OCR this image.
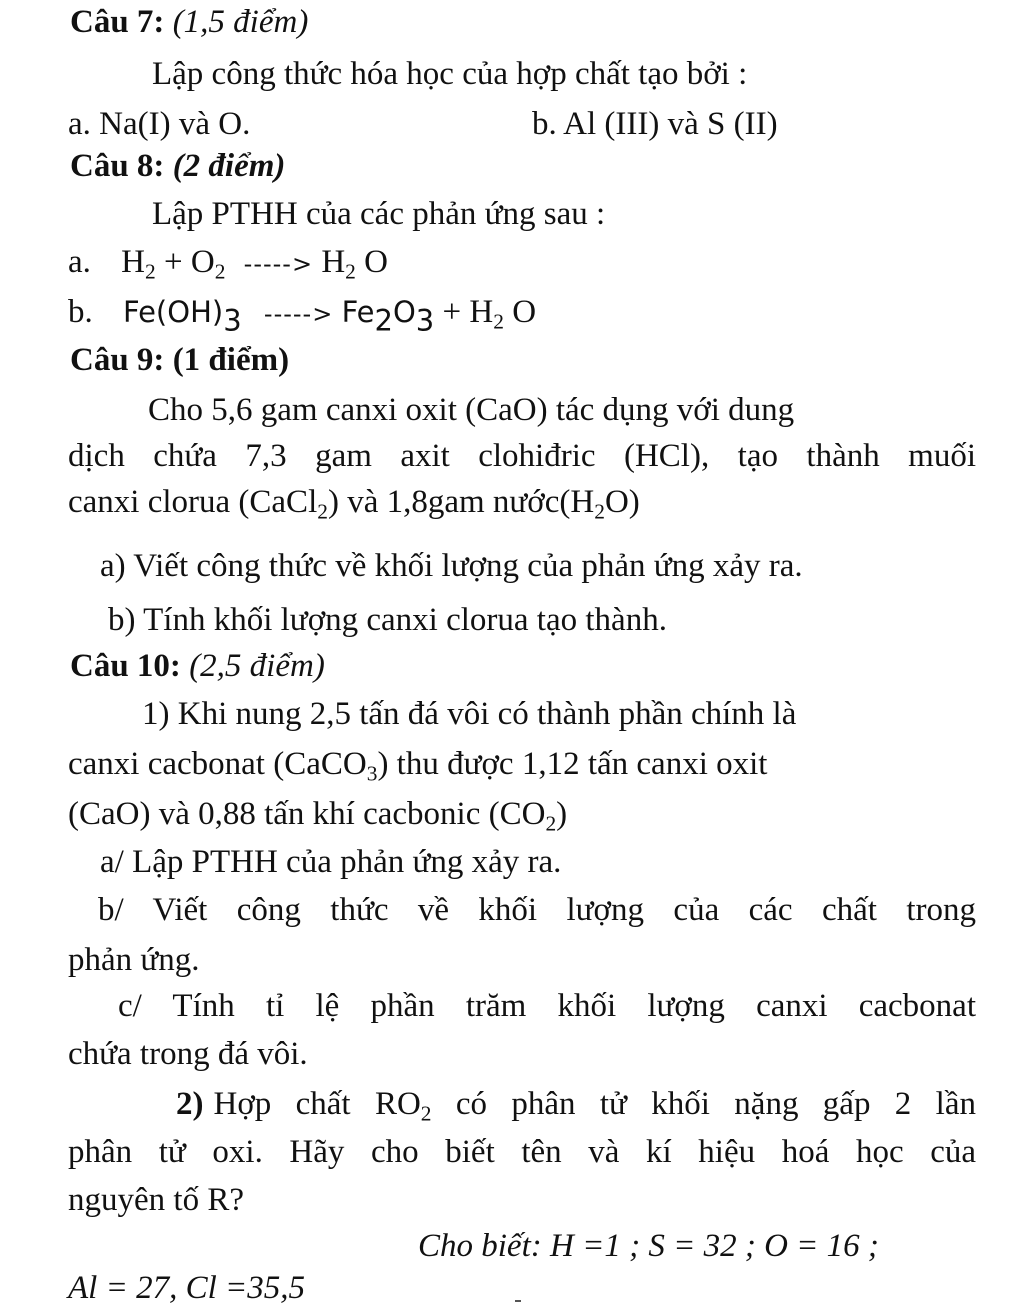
Câu 7: (1,5 điểm)
Lập công thức hóa học của hợp chất tạo bởi :
a. Na(I) và O.	b. Al (III) và S (II)
Câu 8: (2 điểm)
Lập PTHH của các phản ứng sau :
a. $H_2 + O_2$ -----> $H_2$ O
b. $Fe(OH)_3$ -----> $Fe_2O_3 + H_2$ O
Câu 9: (1 điểm)
Cho 5,6 gam canxi oxit (CaO) tác dụng với dung
dịch chứa 7,3 gam axit clohiđric (HCl), tạo thành muối
canxi clorua (CaCl$_2$) và 1,8gam $nước(H_2O)$
a) Viết công thức về khối lượng của phản ứng xảy ra.
b) Tính khối lượng canxi clorua tạo thành.
Câu 10: (2,5 điểm)
1) Khi nung 2,5 tấn đá vôi có thành phần chính là
canxi cacbonat (CaCO$_3$) thu được 1,12 tấn canxi oxit
(CaO) và 0,88 tấn khí cacbonic $(CO_2)$
a/ Lập PTHH của phản ứng xảy ra.
b/ Viết công thức về khối lượng của các chất trong
phản ứng.
c/ Tính tỉ lệ phần trăm khối lượng canxi cacbonat
chứa trong đá vôi.
2) Hợp chất $RO_2$ có phân tử khối nặng gấp 2 lần
phân tử oxi. Hãy cho biết tên và kí hiệu hoá học của
nguyên tố R?
Cho biết: H =1 ; S = 32 ; O = 16 ;
Al = 27, Cl =35,5
